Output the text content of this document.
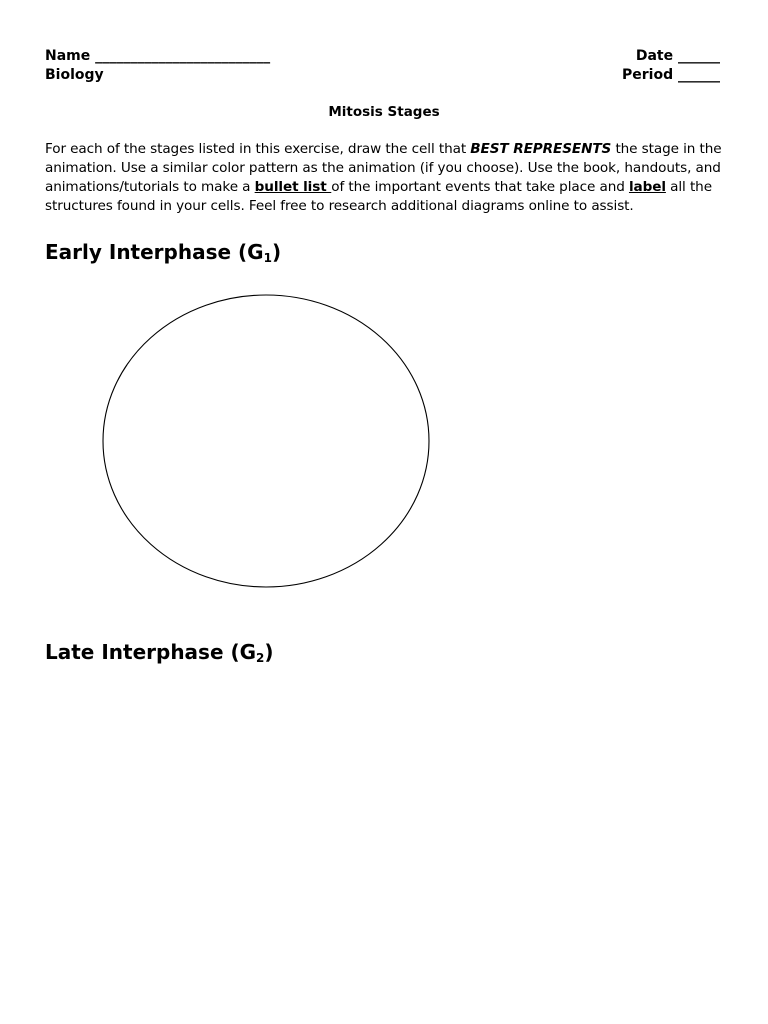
Name _________________________
Biology
Date ______
Period ______
Mitosis Stages
For each of the stages listed in this exercise, draw the cell that BEST REPRESENTS the stage in the animation. Use a similar color pattern as the animation (if you choose). Use the book, handouts, and animations/tutorials to make a bullet list of the important events that take place and label all the structures found in your cells. Feel free to research additional diagrams online to assist.
Early Interphase $(G_1)$
Late Interphase $(G_2)$
